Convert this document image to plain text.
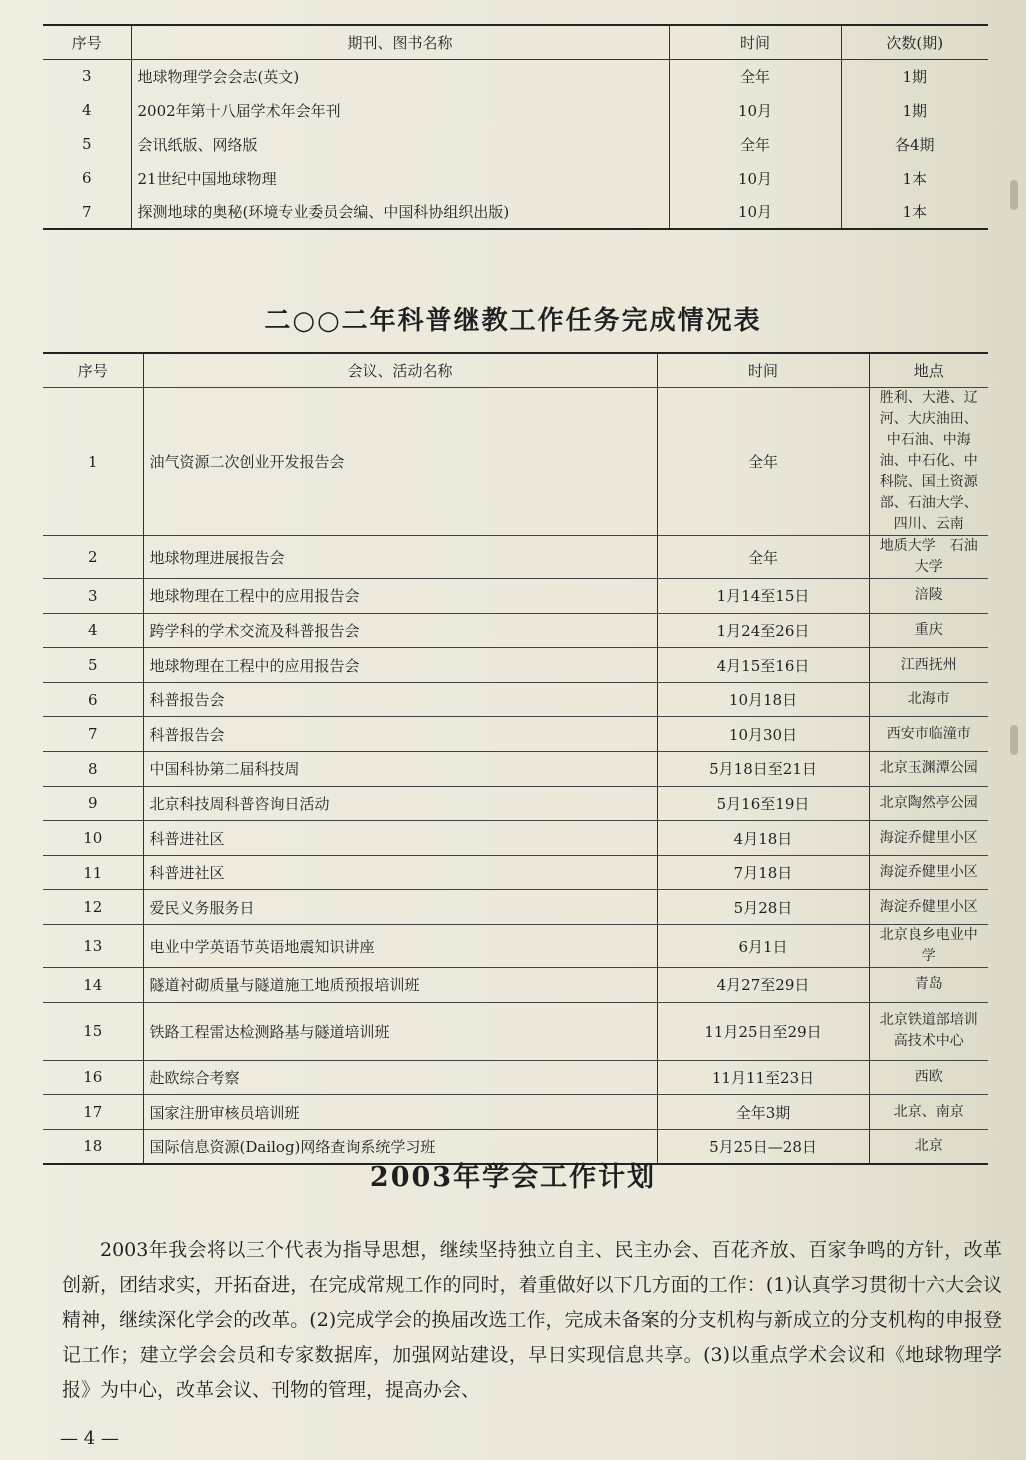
序号	期刊、图书名称	时间	次数(期)
3	地球物理学会会志(英文)	全年	1期
4	2002年第十八届学术年会年刊	10月	1期
5	会讯纸版、网络版	全年	各4期
6	21世纪中国地球物理	10月	1本
7	探测地球的奥秘(环境专业委员会编、中国科协组织出版)	10月	1本
二○○二年科普继教工作任务完成情况表
序号	会议、活动名称	时间	地点
1	油气资源二次创业开发报告会	全年	胜利、大港、辽河、大庆油田、中石油、中海油、中石化、中科院、国土资源部、石油大学、四川、云南
2	地球物理进展报告会	全年	地质大学　石油大学
3	地球物理在工程中的应用报告会	1月14至15日	涪陵
4	跨学科的学术交流及科普报告会	1月24至26日	重庆
5	地球物理在工程中的应用报告会	4月15至16日	江西抚州
6	科普报告会	10月18日	北海市
7	科普报告会	10月30日	西安市临潼市
8	中国科协第二届科技周	5月18日至21日	北京玉渊潭公园
9	北京科技周科普咨询日活动	5月16至19日	北京陶然亭公园
10	科普进社区	4月18日	海淀乔健里小区
11	科普进社区	7月18日	海淀乔健里小区
12	爱民义务服务日	5月28日	海淀乔健里小区
13	电业中学英语节英语地震知识讲座	6月1日	北京良乡电业中学
14	隧道衬砌质量与隧道施工地质预报培训班	4月27至29日	青岛
15	铁路工程雷达检测路基与隧道培训班	11月25日至29日	北京铁道部培训高技术中心
16	赴欧综合考察	11月11至23日	西欧
17	国家注册审核员培训班	全年3期	北京、南京
18	国际信息资源(Dailog)网络查询系统学习班	5月25日—28日	北京
2003年学会工作计划

2003年我会将以三个代表为指导思想，继续坚持独立自主、民主办会、百花齐放、百家争鸣的方针，改革创新，团结求实，开拓奋进，在完成常规工作的同时，着重做好以下几方面的工作：(1)认真学习贯彻十六大会议精神，继续深化学会的改革。(2)完成学会的换届改选工作，完成未备案的分支机构与新成立的分支机构的申报登记工作；建立学会会员和专家数据库，加强网站建设，早日实现信息共享。(3)以重点学术会议和《地球物理学报》为中心，改革会议、刊物的管理，提高办会、

— 4 —
